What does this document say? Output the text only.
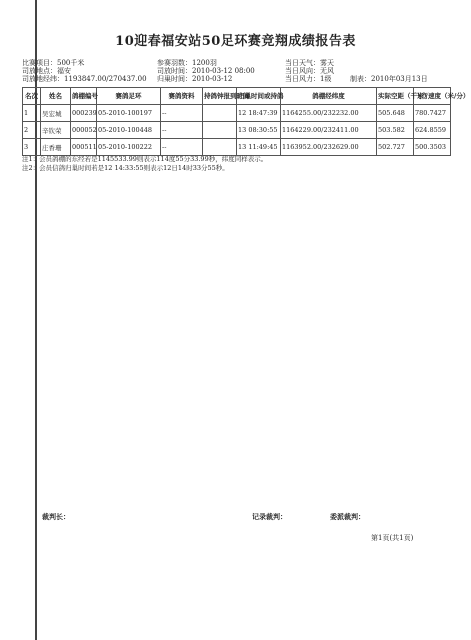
10迎春福安站50足环赛竞翔成绩报告表
比赛项目：500千米
司放地点：福安
司放地经纬：1193847.00/270437.00
参赛羽数：1200羽
司放时间：2010-03-12 08:00
归巢时间：2010-03-12
当日天气：雾天
当日风向：无风
当日风力：1级	制表：2010年03月13日
名次	姓名	鸽棚编号	赛鸽足环	赛鸽资料	持鸽钟报到时间	归巢时间或持鸽	鸽棚经纬度	实际空距（千米）	飞行速度（米/分）
1	吴宏城	000239	05-2010-100197	--		12 18:47:39	1164255.00/232232.00	505.648	780.7427
2	辛钦荣	000052	05-2010-100448	--		13 08:30:55	1164229.00/232411.00	503.582	624.8559
3	庄香珊	000511	05-2010-100222	--		13 11:49:45	1163952.00/232629.00	502.727	500.3503
注1：会员鸽棚的东经若是1145533.99则表示114度55分33.99秒，纬度同样表示。
注2：会员信鸽归巢时间若是12 14:33:55则表示12日14时33分55秒。
裁判长：	记录裁判：	委派裁判：
第1页(共1页)
